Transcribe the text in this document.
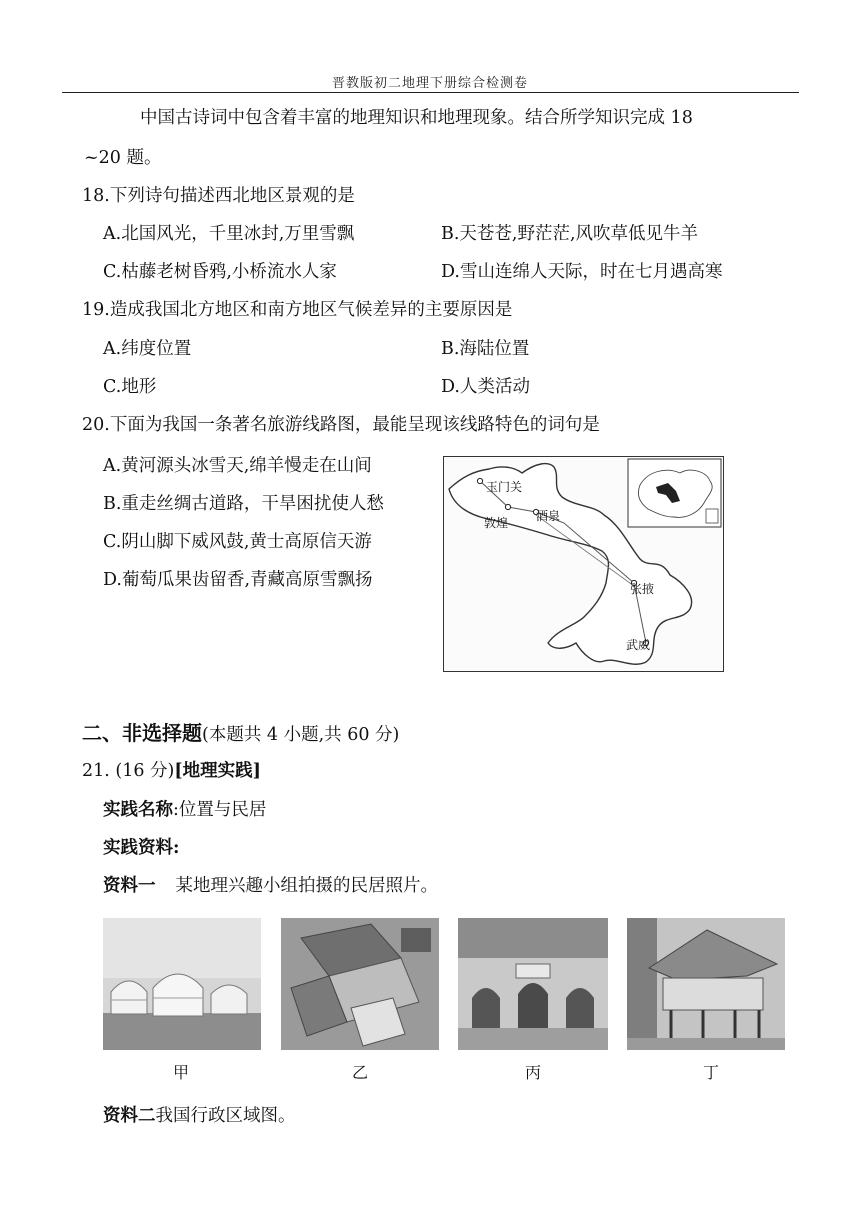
晋教版初二地理下册综合检测卷
中国古诗词中包含着丰富的地理知识和地理现象。结合所学知识完成 18
~20 题。
18.下列诗句描述西北地区景观的是
A.北国风光，千里冰封,万里雪飘	B.天苍苍,野茫茫,风吹草低见牛羊
C.枯藤老树昏鸦,小桥流水人家	D.雪山连绵人天际，时在七月遇高寒
19.造成我国北方地区和南方地区气候差异的主要原因是
A.纬度位置	B.海陆位置
C.地形	D.人类活动
20.下面为我国一条著名旅游线路图，最能呈现该线路特色的词句是
A.黄河源头冰雪天,绵羊慢走在山间
B.重走丝绸古道路，干旱困扰使人愁
C.阴山脚下威风鼓,黄士高原信天游
D.葡萄瓜果齿留香,青藏高原雪飘扬
玉门关
敦煌 酒泉
张掖
武威
二、非选择题(本题共 4 小题,共 60 分)
21. (16 分)[地理实践]
实践名称:位置与民居
实践资料:
资料一 某地理兴趣小组拍摄的民居照片。
甲	乙	丙	丁
资料二我国行政区域图。
